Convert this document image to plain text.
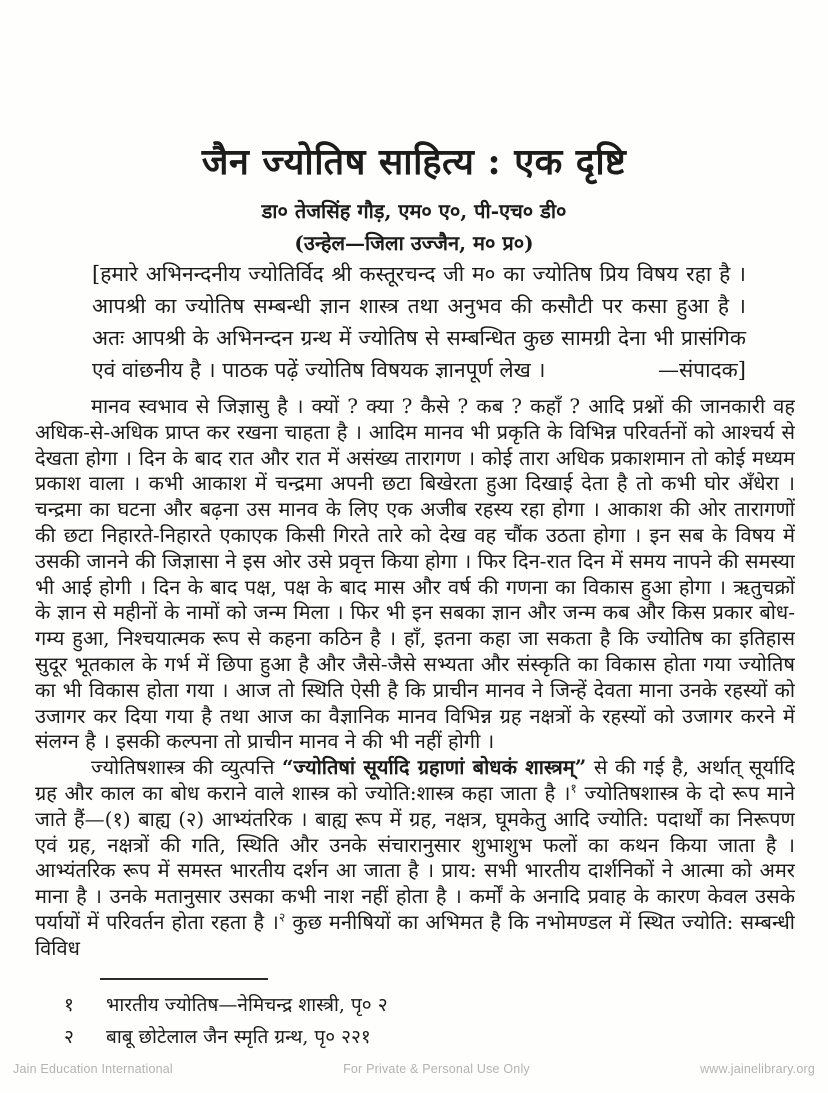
जैन ज्योतिष साहित्य : एक दृष्टि
डा० तेजसिंह गौड़, एम० ए०, पी-एच० डी०
(उन्हेल—जिला उज्जैन, म० प्र०)
[हमारे अभिनन्दनीय ज्योतिर्विद श्री कस्तूरचन्द जी म० का ज्योतिष प्रिय विषय रहा है । आपश्री का ज्योतिष सम्बन्धी ज्ञान शास्त्र तथा अनुभव की कसौटी पर कसा हुआ है । अतः आपश्री के अभिनन्दन ग्रन्थ में ज्योतिष से सम्बन्धित कुछ सामग्री देना भी प्रासंगिक एवं वांछनीय है । पाठक पढ़ें ज्योतिष विषयक ज्ञानपूर्ण लेख ।	—संपादक]

मानव स्वभाव से जिज्ञासु है । क्यों ? क्या ? कैसे ? कब ? कहाँ ? आदि प्रश्नों की जानकारी वह अधिक-से-अधिक प्राप्त कर रखना चाहता है । आदिम मानव भी प्रकृति के विभिन्न परिवर्तनों को आश्चर्य से देखता होगा । दिन के बाद रात और रात में असंख्य तारागण । कोई तारा अधिक प्रकाशमान तो कोई मध्यम प्रकाश वाला । कभी आकाश में चन्द्रमा अपनी छटा बिखेरता हुआ दिखाई देता है तो कभी घोर अँधेरा । चन्द्रमा का घटना और बढ़ना उस मानव के लिए एक अजीब रहस्य रहा होगा । आकाश की ओर तारागणों की छटा निहारते-निहारते एकाएक किसी गिरते तारे को देख वह चौंक उठता होगा । इन सब के विषय में उसकी जानने की जिज्ञासा ने इस ओर उसे प्रवृत्त किया होगा । फिर दिन-रात दिन में समय नापने की समस्या भी आई होगी । दिन के बाद पक्ष, पक्ष के बाद मास और वर्ष की गणना का विकास हुआ होगा । ऋतुचक्रों के ज्ञान से महीनों के नामों को जन्म मिला । फिर भी इन सबका ज्ञान और जन्म कब और किस प्रकार बोध-गम्य हुआ, निश्चयात्मक रूप से कहना कठिन है । हाँ, इतना कहा जा सकता है कि ज्योतिष का इतिहास सुदूर भूतकाल के गर्भ में छिपा हुआ है और जैसे-जैसे सभ्यता और संस्कृति का विकास होता गया ज्योतिष का भी विकास होता गया । आज तो स्थिति ऐसी है कि प्राचीन मानव ने जिन्हें देवता माना उनके रहस्यों को उजागर कर दिया गया है तथा आज का वैज्ञानिक मानव विभिन्न ग्रह नक्षत्रों के रहस्यों को उजागर करने में संलग्न है । इसकी कल्पना तो प्राचीन मानव ने की भी नहीं होगी ।

ज्योतिषशास्त्र की व्युत्पत्ति “ज्योतिषां सूर्यादि ग्रहाणां बोधकं शास्त्रम्” से की गई है, अर्थात् सूर्यादि ग्रह और काल का बोध कराने वाले शास्त्र को ज्योति:शास्त्र कहा जाता है ।$^१$ ज्योतिषशास्त्र के दो रूप माने जाते हैं—(१) बाह्य (२) आभ्यंतरिक । बाह्य रूप में ग्रह, नक्षत्र, घूमकेतु आदि ज्योति: पदार्थों का निरूपण एवं ग्रह, नक्षत्रों की गति, स्थिति और उनके संचारानुसार शुभाशुभ फलों का कथन किया जाता है । आभ्यंतरिक रूप में समस्त भारतीय दर्शन आ जाता है । प्राय: सभी भारतीय दार्शनिकों ने आत्मा को अमर माना है । उनके मतानुसार उसका कभी नाश नहीं होता है । कर्मों के अनादि प्रवाह के कारण केवल उसके पर्यायों में परिवर्तन होता रहता है ।$^२$ कुछ मनीषियों का अभिमत है कि नभोमण्डल में स्थित ज्योति: सम्बन्धी विविध

१ भारतीय ज्योतिष—नेमिचन्द्र शास्त्री, पृ० २
२ बाबू छोटेलाल जैन स्मृति ग्रन्थ, पृ० २२१
Jain Education International	For Private & Personal Use Only	www.jainelibrary.org
